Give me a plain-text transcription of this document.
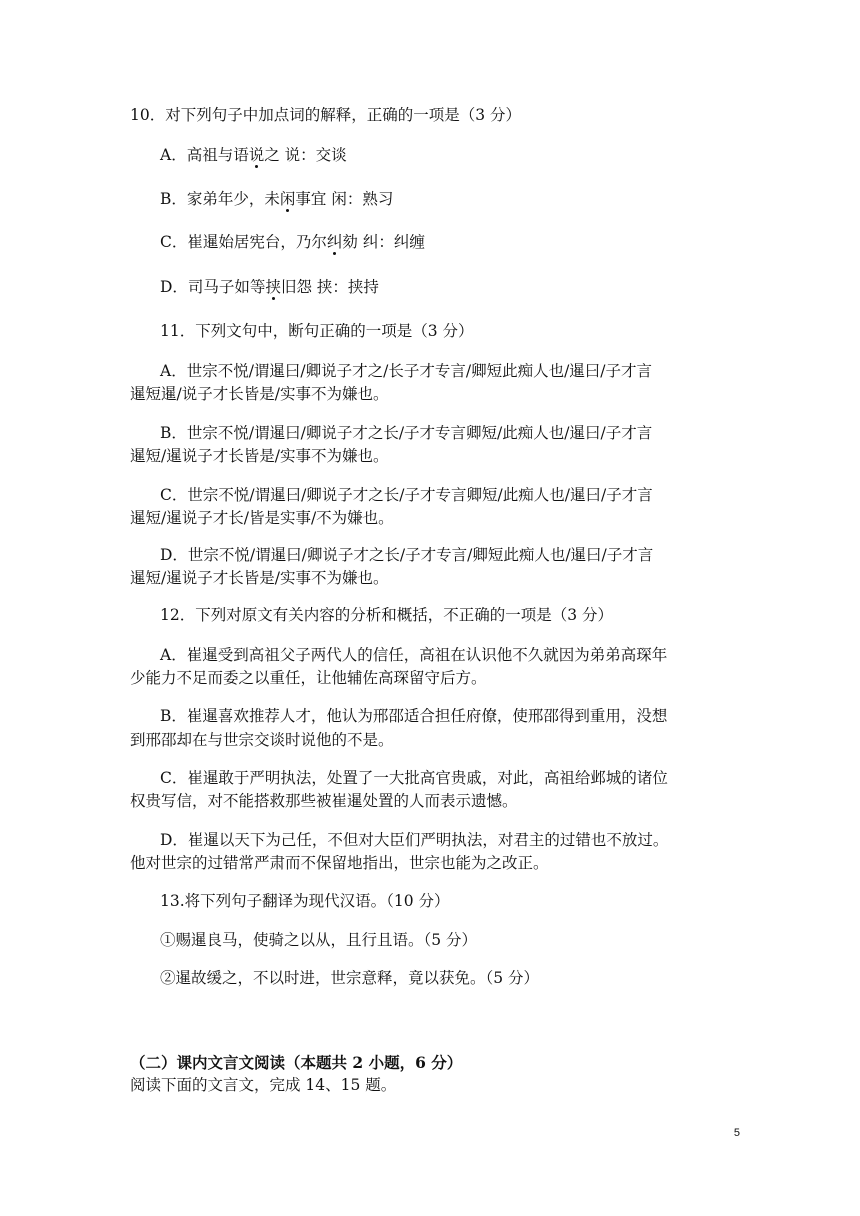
10．对下列句子中加点词的解释，正确的一项是（3 分）
A．高祖与语说之 说：交谈
B．家弟年少，未闲事宜 闲：熟习
C．崔暹始居宪台，乃尔纠劾 纠：纠缠
D．司马子如等挟旧怨 挟：挟持
11．下列文句中，断句正确的一项是（3 分）
A．世宗不悦/谓暹曰/卿说子才之/长子才专言/卿短此痴人也/暹曰/子才言
暹短暹/说子才长皆是/实事不为嫌也。
B．世宗不悦/谓暹曰/卿说子才之长/子才专言卿短/此痴人也/暹曰/子才言
暹短/暹说子才长皆是/实事不为嫌也。
C．世宗不悦/谓暹曰/卿说子才之长/子才专言卿短/此痴人也/暹曰/子才言
暹短/暹说子才长/皆是实事/不为嫌也。
D．世宗不悦/谓暹曰/卿说子才之长/子才专言/卿短此痴人也/暹曰/子才言
暹短/暹说子才长皆是/实事不为嫌也。
12．下列对原文有关内容的分析和概括，不正确的一项是（3 分）
A．崔暹受到高祖父子两代人的信任，高祖在认识他不久就因为弟弟高琛年
少能力不足而委之以重任，让他辅佐高琛留守后方。
B．崔暹喜欢推荐人才，他认为邢邵适合担任府僚，使邢邵得到重用，没想
到邢邵却在与世宗交谈时说他的不是。
C．崔暹敢于严明执法，处置了一大批高官贵戚，对此，高祖给邺城的诸位
权贵写信，对不能搭救那些被崔暹处置的人而表示遗憾。
D．崔暹以天下为己任，不但对大臣们严明执法，对君主的过错也不放过。
他对世宗的过错常严肃而不保留地指出，世宗也能为之改正。
13.将下列句子翻译为现代汉语。（10 分）
①赐暹良马，使骑之以从，且行且语。（5 分）
②暹故缓之，不以时进，世宗意释，竟以获免。（5 分）
（二）课内文言文阅读（本题共 2 小题，6 分）
阅读下面的文言文，完成 14、15 题。
5
